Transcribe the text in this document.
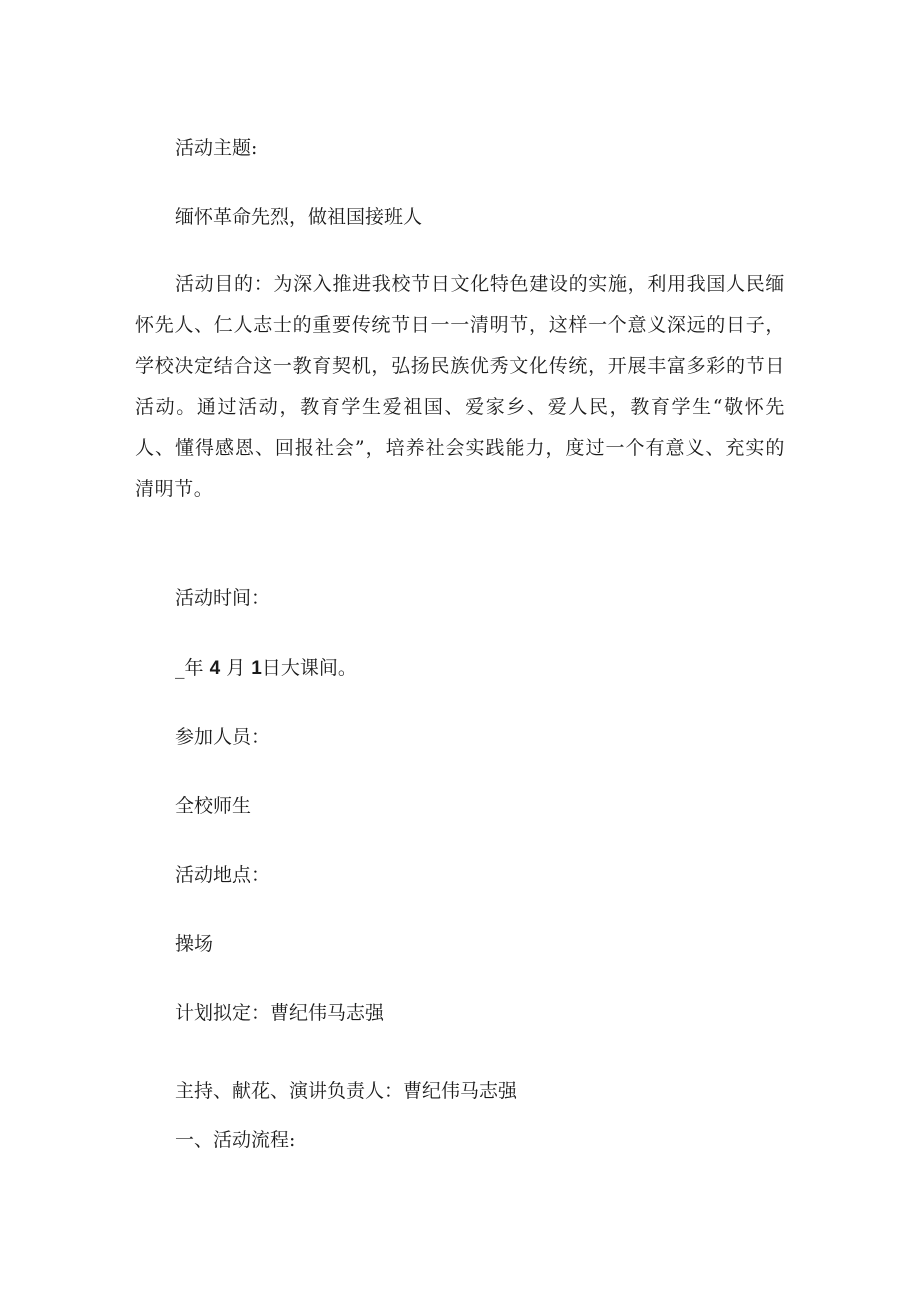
活动主题:
缅怀革命先烈，做祖国接班人
活动目的：为深入推进我校节日文化特色建设的实施，利用我国人民缅怀先人、仁人志士的重要传统节日一一清明节，这样一个意义深远的日子，学校决定结合这一教育契机，弘扬民族优秀文化传统，开展丰富多彩的节日活动。通过活动，教育学生爱祖国、爱家乡、爱人民，教育学生“敬怀先人、懂得感恩、回报社会”，培养社会实践能力，度过一个有意义、充实的清明节。
活动时间：
_年 4 月 1日大课间。
参加人员：
全校师生
活动地点：
操场
计划拟定：曹纪伟马志强
主持、献花、演讲负责人：曹纪伟马志强
一、活动流程:
